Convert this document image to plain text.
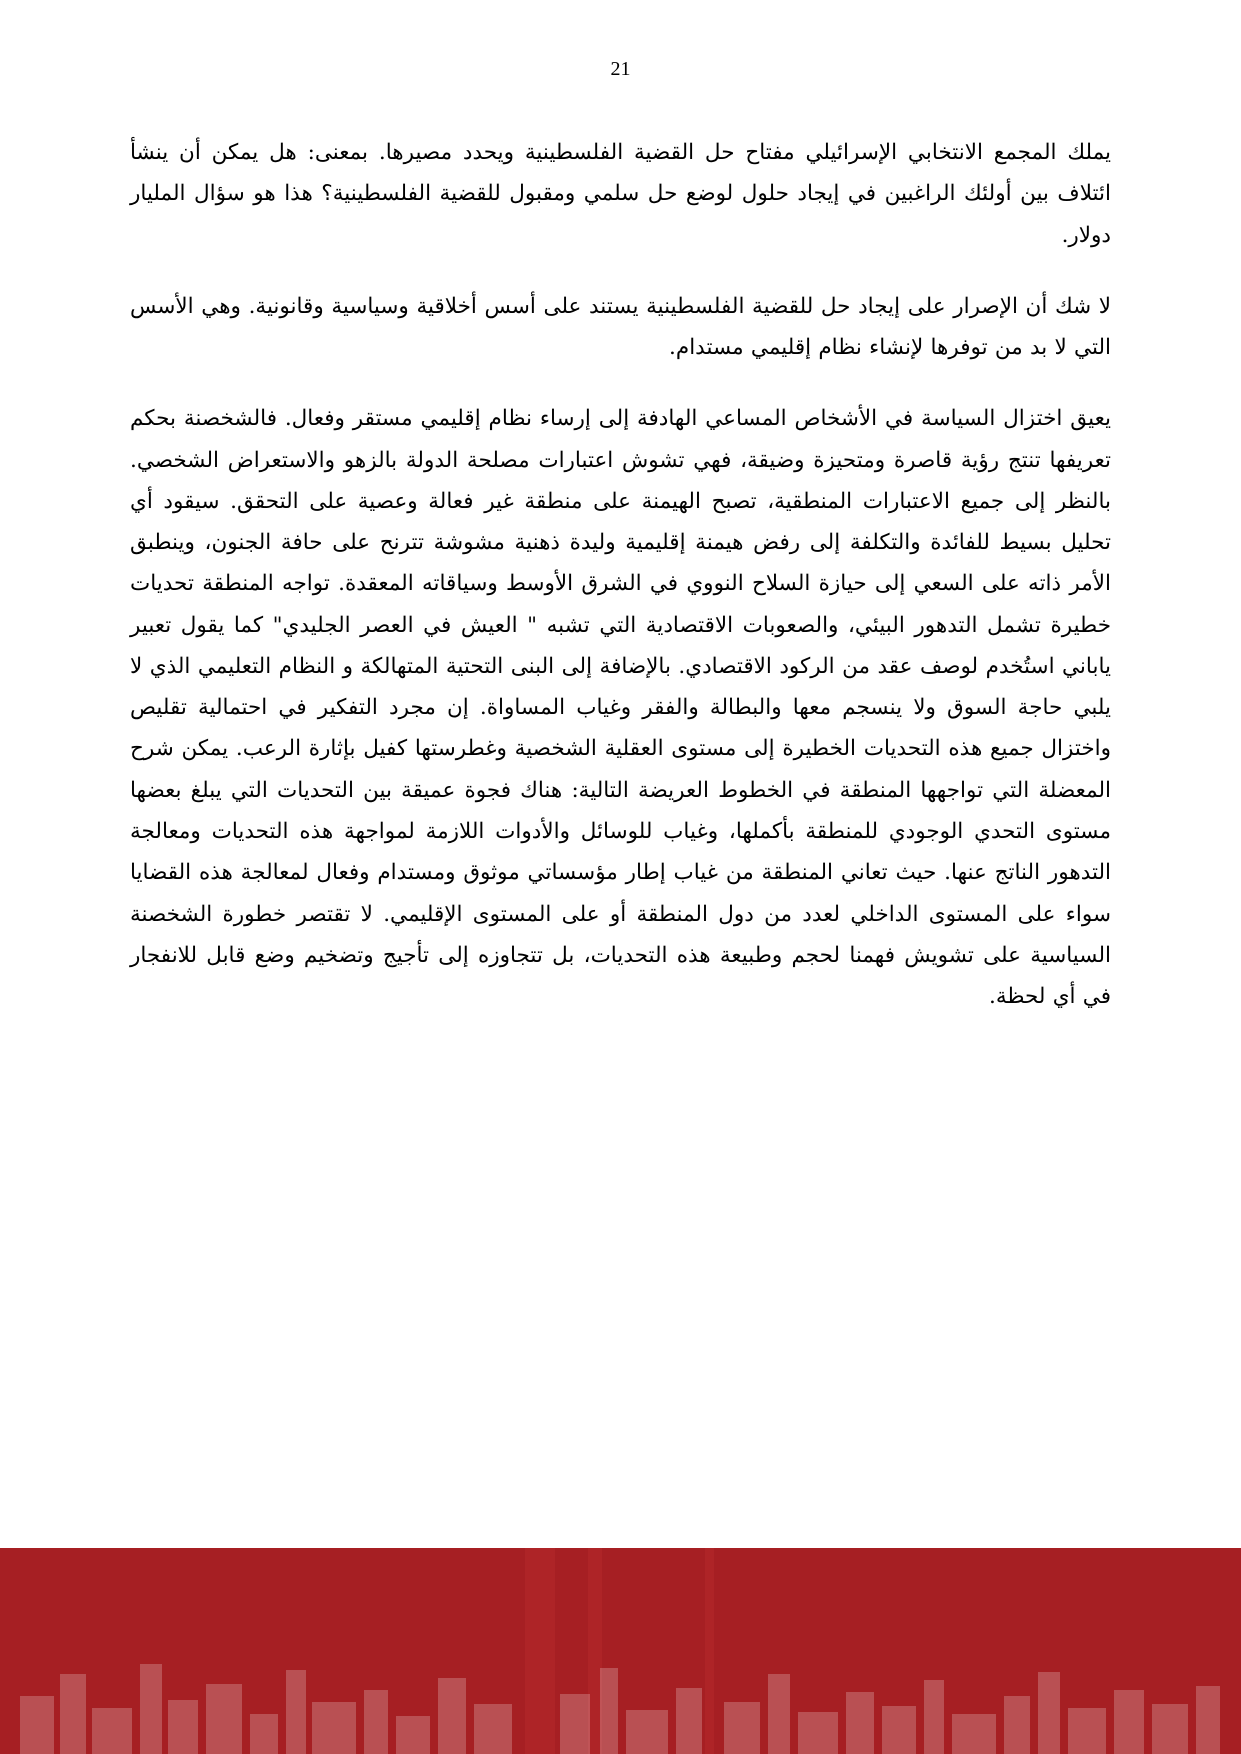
21

يملك المجمع الانتخابي الإسرائيلي مفتاح حل القضية الفلسطينية ويحدد مصيرها. بمعنى: هل يمكن أن ينشأ ائتلاف بين أولئك الراغبين في إيجاد حلول لوضع حل سلمي ومقبول للقضية الفلسطينية؟ هذا هو سؤال المليار دولار.

لا شك أن الإصرار على إيجاد حل للقضية الفلسطينية يستند على أسس أخلاقية وسياسية وقانونية. وهي الأسس التي لا بد من توفرها لإنشاء نظام إقليمي مستدام.

يعيق اختزال السياسة في الأشخاص المساعي الهادفة إلى إرساء نظام إقليمي مستقر وفعال. فالشخصنة بحكم تعريفها تنتج رؤية قاصرة ومتحيزة وضيقة، فهي تشوش اعتبارات مصلحة الدولة بالزهو والاستعراض الشخصي. بالنظر إلى جميع الاعتبارات المنطقية، تصبح الهيمنة على منطقة غير فعالة وعصية على التحقق. سيقود أي تحليل بسيط للفائدة والتكلفة إلى رفض هيمنة إقليمية وليدة ذهنية مشوشة تترنح على حافة الجنون، وينطبق الأمر ذاته على السعي إلى حيازة السلاح النووي في الشرق الأوسط وسياقاته المعقدة. تواجه المنطقة تحديات خطيرة تشمل التدهور البيئي، والصعوبات الاقتصادية التي تشبه " العيش في العصر الجليدي" كما يقول تعبير ياباني استُخدم لوصف عقد من الركود الاقتصادي. بالإضافة إلى البنى التحتية المتهالكة و النظام التعليمي الذي لا يلبي حاجة السوق ولا ينسجم معها والبطالة والفقر وغياب المساواة. إن مجرد التفكير في احتمالية تقليص واختزال جميع هذه التحديات الخطيرة إلى مستوى العقلية الشخصية وغطرستها كفيل بإثارة الرعب. يمكن شرح المعضلة التي تواجهها المنطقة في الخطوط العريضة التالية: هناك فجوة عميقة بين التحديات التي يبلغ بعضها مستوى التحدي الوجودي للمنطقة بأكملها، وغياب للوسائل والأدوات اللازمة لمواجهة هذه التحديات ومعالجة التدهور الناتج عنها. حيث تعاني المنطقة من غياب إطار مؤسساتي موثوق ومستدام وفعال لمعالجة هذه القضايا سواء على المستوى الداخلي لعدد من دول المنطقة أو على المستوى الإقليمي. لا تقتصر خطورة الشخصنة السياسية على تشويش فهمنا لحجم وطبيعة هذه التحديات، بل تتجاوزه إلى تأجيج وتضخيم وضع قابل للانفجار في أي لحظة.
